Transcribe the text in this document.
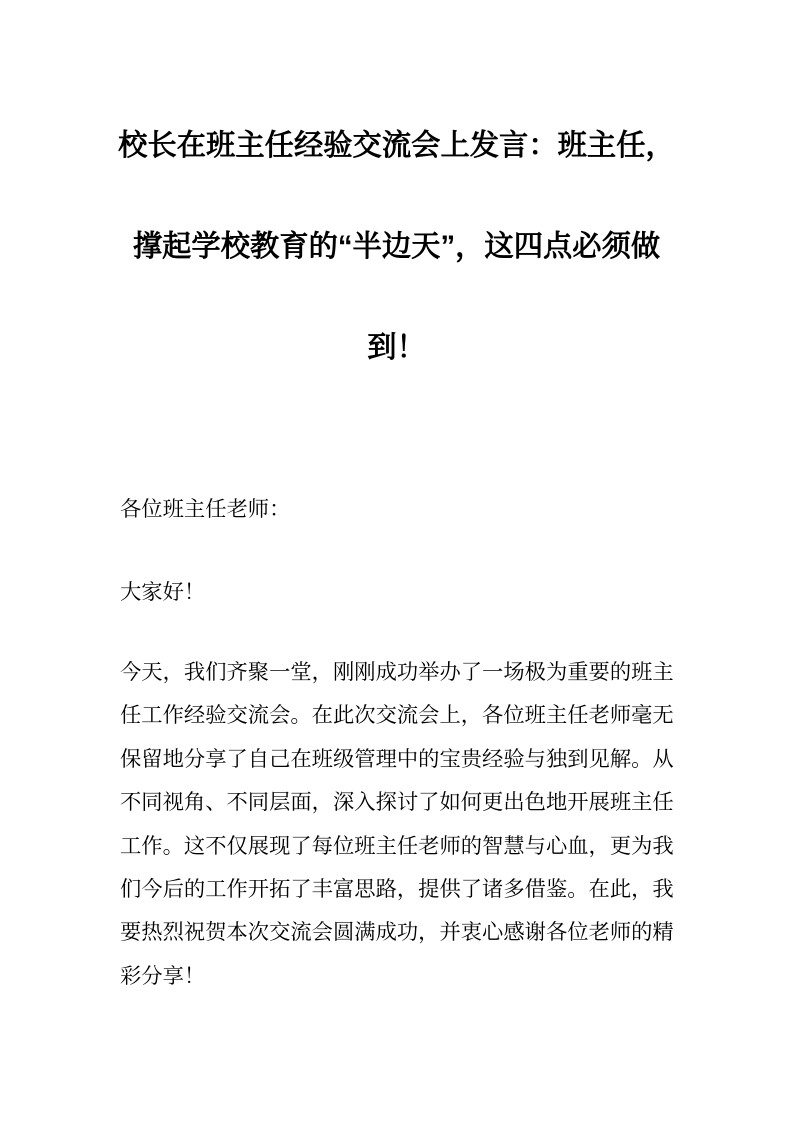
校长在班主任经验交流会上发言：班主任，
撑起学校教育的“半边天”，这四点必须做
到！
各位班主任老师：
大家好！
今天，我们齐聚一堂，刚刚成功举办了一场极为重要的班主
任工作经验交流会。在此次交流会上，各位班主任老师毫无
保留地分享了自己在班级管理中的宝贵经验与独到见解。从
不同视角、不同层面，深入探讨了如何更出色地开展班主任
工作。这不仅展现了每位班主任老师的智慧与心血，更为我
们今后的工作开拓了丰富思路，提供了诸多借鉴。在此，我
要热烈祝贺本次交流会圆满成功，并衷心感谢各位老师的精
彩分享！
